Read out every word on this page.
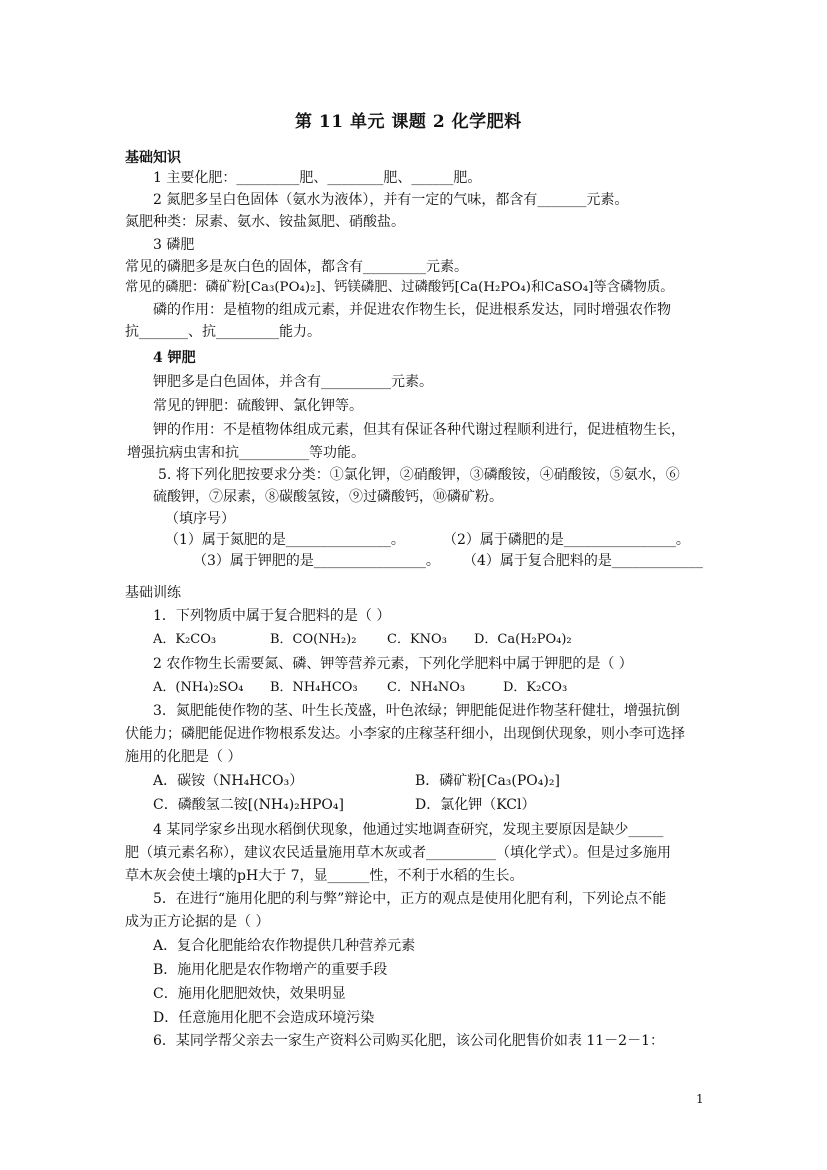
第 11 单元 课题 2 化学肥料
基础知识
1 主要化肥：_________肥、________肥、______肥。
2 氮肥多呈白色固体（氨水为液体），并有一定的气味，都含有_______元素。
氮肥种类：尿素、氨水、铵盐氮肥、硝酸盐。
3 磷肥
常见的磷肥多是灰白色的固体，都含有_________元素。
常见的磷肥：磷矿粉[Ca₃(PO₄)₂]、钙镁磷肥、过磷酸钙[Ca(H₂PO₄)和CaSO₄]等含磷物质。
磷的作用：是植物的组成元素，并促进农作物生长，促进根系发达，同时增强农作物
抗_______、抗_________能力。
4 钾肥
钾肥多是白色固体，并含有__________元素。
常见的钾肥：硫酸钾、氯化钾等。
钾的作用：不是植物体组成元素，但其有保证各种代谢过程顺利进行，促进植物生长，
增强抗病虫害和抗__________等功能。
5. 将下列化肥按要求分类：①氯化钾，②硝酸钾，③磷酸铵，④硝酸铵，⑤氨水，⑥
硫酸钾，⑦尿素，⑧碳酸氢铵，⑨过磷酸钙，⑩磷矿粉。
（填序号）
（1）属于氮肥的是_______________。	（2）属于磷肥的是________________。
（3）属于钾肥的是________________。 （4）属于复合肥料的是_____________
基础训练
1．下列物质中属于复合肥料的是（ ）
A．K₂CO₃	B．CO(NH₂)₂ C．KNO₃ D．Ca(H₂PO₄)₂
2 农作物生长需要氮、磷、钾等营养元素，下列化学肥料中属于钾肥的是（ ）
A．(NH₄)₂SO₄ B．NH₄HCO₃ C．NH₄NO₃	D．K₂CO₃
3．氮肥能使作物的茎、叶生长茂盛，叶色浓绿；钾肥能促进作物茎秆健壮，增强抗倒
伏能力；磷肥能促进作物根系发达。小李家的庄稼茎秆细小，出现倒伏现象，则小李可选择
施用的化肥是（ ）
A．碳铵（NH₄HCO₃）	B．磷矿粉[Ca₃(PO₄)₂]
C．磷酸氢二铵[(NH₄)₂HPO₄]	D．氯化钾（KCl）
4 某同学家乡出现水稻倒伏现象，他通过实地调查研究，发现主要原因是缺少_____
肥（填元素名称），建议农民适量施用草木灰或者__________（填化学式）。但是过多施用
草木灰会使土壤的pH大于 7，显______性，不利于水稻的生长。
5．在进行“施用化肥的利与弊”辩论中，正方的观点是使用化肥有利，下列论点不能
成为正方论据的是（ ）
A．复合化肥能给农作物提供几种营养元素
B．施用化肥是农作物增产的重要手段
C．施用化肥肥效快，效果明显
D．任意施用化肥不会造成环境污染
6．某同学帮父亲去一家生产资料公司购买化肥，该公司化肥售价如表 11－2－1：
1
